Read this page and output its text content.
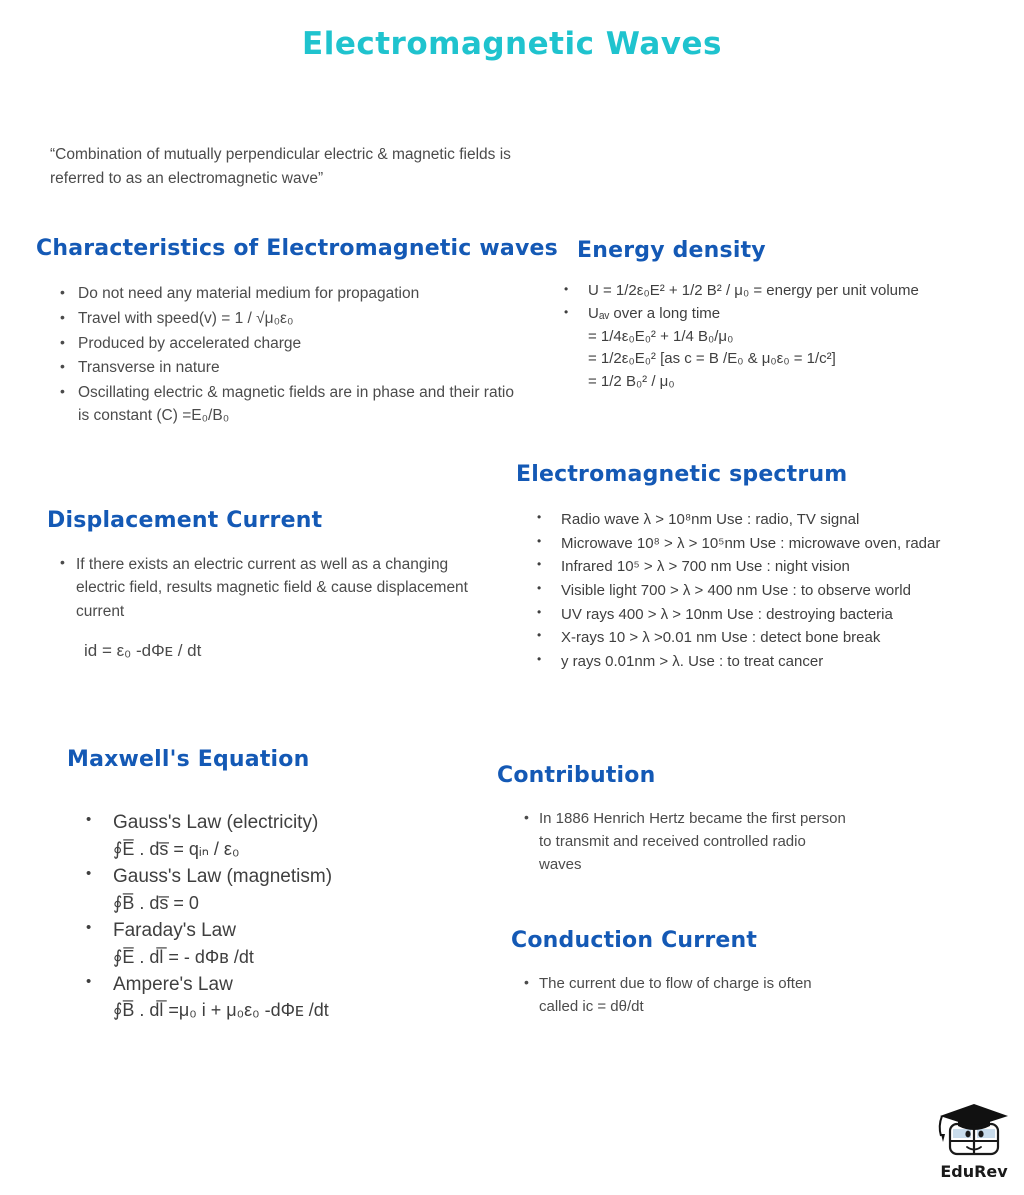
Electromagnetic Waves
“Combination of mutually perpendicular electric & magnetic fields is referred to as an electromagnetic wave”
Characteristics of Electromagnetic waves
• Do not need any material medium for propagation
• Travel with speed(v) = 1 / √μ₀ε₀
• Produced by accelerated charge
• Transverse in nature
• Oscillating electric & magnetic fields are in phase and their ratio is constant (C) =E₀/B₀
Energy density
• U = 1/2ε₀E² + 1/2 B² / μ₀ = energy per unit volume
• Uₐᵥ over a long time
= 1/4ε₀E₀² + 1/4 B₀/μ₀
= 1/2ε₀E₀² [as c = B /E₀ & μ₀ε₀ = 1/c²]
= 1/2 B₀² / μ₀
Electromagnetic spectrum
• Radio wave λ > 10⁸nm Use : radio, TV signal
• Microwave 10⁸ > λ > 10⁵nm Use : microwave oven, radar
• Infrared 10⁵ > λ > 700 nm Use : night vision
• Visible light 700 > λ > 400 nm Use : to observe world
• UV rays 400 > λ > 10nm Use : destroying bacteria
• X-rays 10 > λ >0.01 nm Use : detect bone break
• y rays 0.01nm > λ. Use : to treat cancer
Displacement Current
• If there exists an electric current as well as a changing electric field, results magnetic field & cause displacement current
id = ε₀ -dΦᴇ / dt
Maxwell's Equation
• Gauss's Law (electricity)
∮E̅ . ds̅ = qᵢₙ / ε₀
• Gauss's Law (magnetism)
∮B̅ . ds̅ = 0
• Faraday's Law
∮E̅ . dl̅ = - dΦʙ /dt
• Ampere's Law
∮B̅ . dl̅ =μ₀ i + μ₀ε₀ -dΦᴇ /dt
Contribution
• In 1886 Henrich Hertz became the first person to transmit and received controlled radio waves
Conduction Current
• The current due to flow of charge is often called ic = dθ/dt
EduRev
